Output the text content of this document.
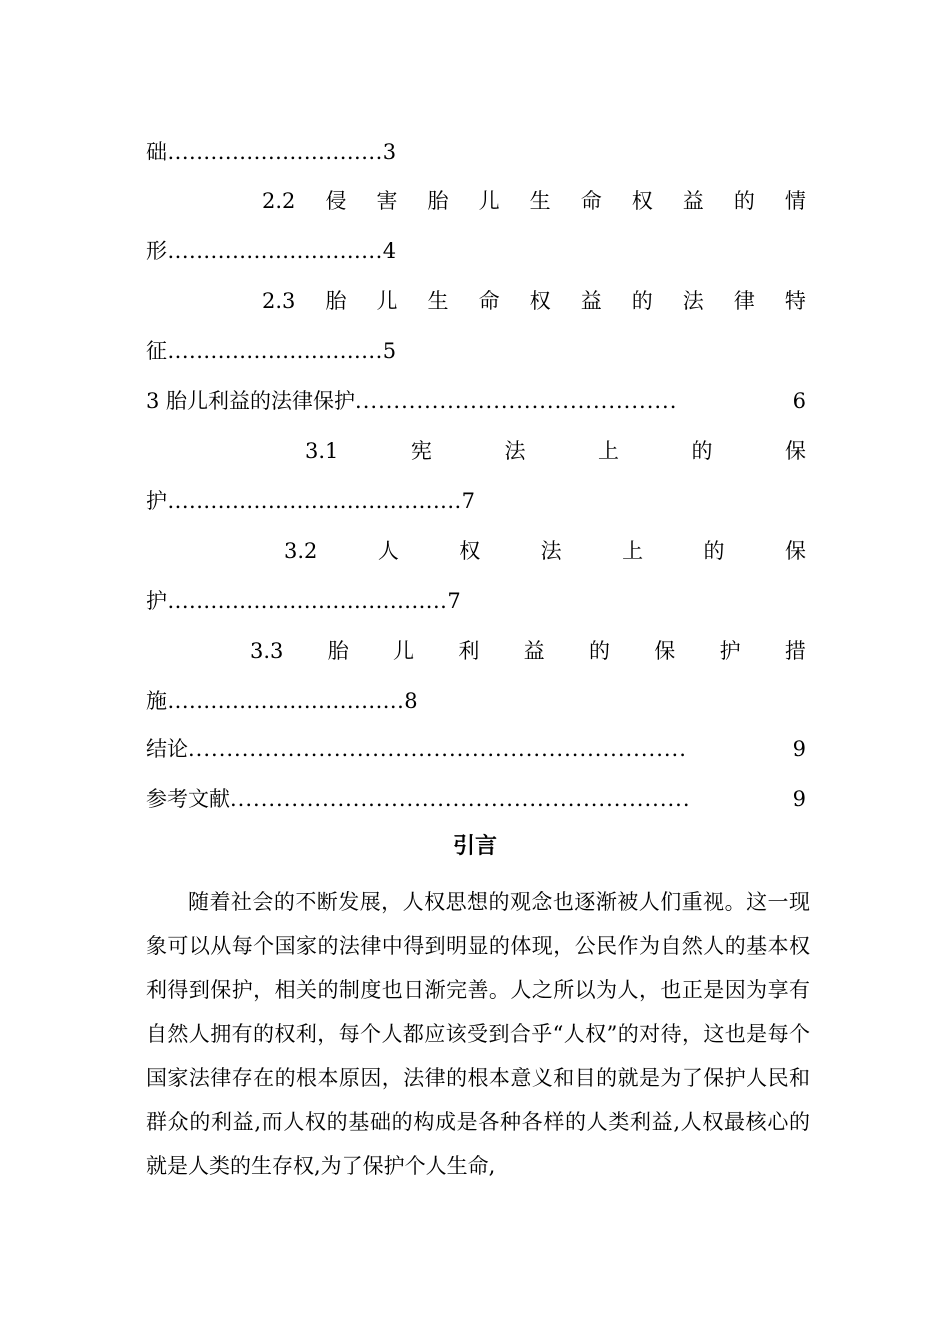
础..............................3
2.2 侵 害 胎 儿 生 命 权 益 的 情
形..............................4
2.3 胎 儿 生 命 权 益 的 法 律 特
征..............................5
3 胎儿利益的法律保护 ..........................................	6
3.1	宪	法	上	的	保
护.........................................7
3.2	人	权	法	上	的	保
护.......................................7
3.3 胎 儿 利 益 的 保 护 措
施.................................8
结论 .................................................................	9
参考文献 ............................................................	9
引言

随着社会的不断发展，人权思想的观念也逐渐被人们重视。这一现象可以从每个国家的法律中得到明显的体现，公民作为自然人的基本权利得到保护，相关的制度也日渐完善。人之所以为人，也正是因为享有自然人拥有的权利，每个人都应该受到合乎“人权”的对待，这也是每个国家法律存在的根本原因，法律的根本意义和目的就是为了保护人民和群众的利益,而人权的基础的构成是各种各样的人类利益,人权最核心的就是人类的生存权,为了保护个人生命,
